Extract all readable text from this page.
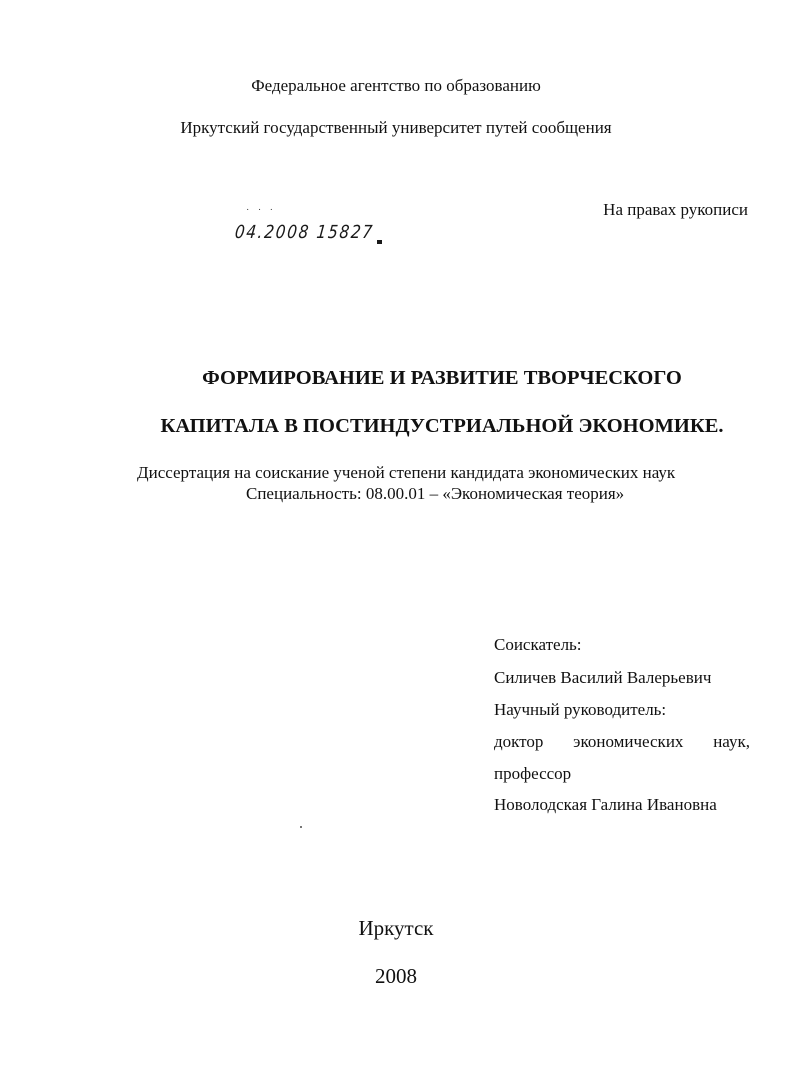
Федеральное агентство по образованию
Иркутский государственный университет путей сообщения
На правах рукописи
˙ ˙ ˙
04.2008 15827
ФОРМИРОВАНИЕ И РАЗВИТИЕ ТВОРЧЕСКОГО
КАПИТАЛА В ПОСТИНДУСТРИАЛЬНОЙ ЭКОНОМИКЕ.
Диссертация на соискание ученой степени кандидата экономических наук
Специальность: 08.00.01 – «Экономическая теория»
Соискатель:
Силичев Василий Валерьевич
Научный руководитель:
доктор экономических наук,
профессор
Новолодская Галина Ивановна
Иркутск
2008
